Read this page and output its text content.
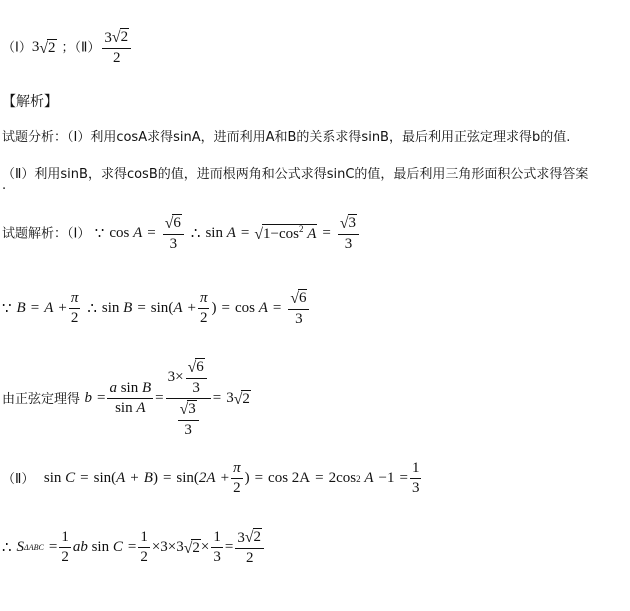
（Ⅰ） 3 √ 2 ；（Ⅱ） $\frac{3 √ 2}{2}$
【解析】
试题分析：（Ⅰ）利用cosA求得sinA，进而利用A和B的关系求得sinB，最后利用正弦定理求得b的值.
（Ⅱ）利用sinB，求得cosB的值，进而根两角和公式求得sinC的值，最后利用三角形面积公式求得答案
.
试题解析：（Ⅰ） ∵ cos
$A = \frac{√ 6}{3}$ ∴ sin
A = √ $1-\cos^2$ $A = \frac{√ 3}{3}$
∵ $B = A + \frac{\pi}{2}$ ∴ sin
B = sin ( $A + \frac{\pi}{2}$ ) = cos
$A = \frac{√ 6}{3}$
由正弦定理得 $b = \frac{\text{a sin B}}{\text{sin A}} = \frac{3\times \frac{√ 6}{3}}{\frac{√ 3}{3}} = 3$ √ 2
（Ⅱ） sin
C = sin ( A + B ) = sin ( $2A + \frac{\pi}{2}$ ) = cos 2A = 2cos 2
$A - 1 = \frac{1}{3}$
∴ S $\Delta ABC = \frac{1}{2}$ ab
sin
$C = \frac{1}{2} \times 3 \times 3$ √ $2 \times \frac{1}{3} = \frac{3 √ 2}{2}$
